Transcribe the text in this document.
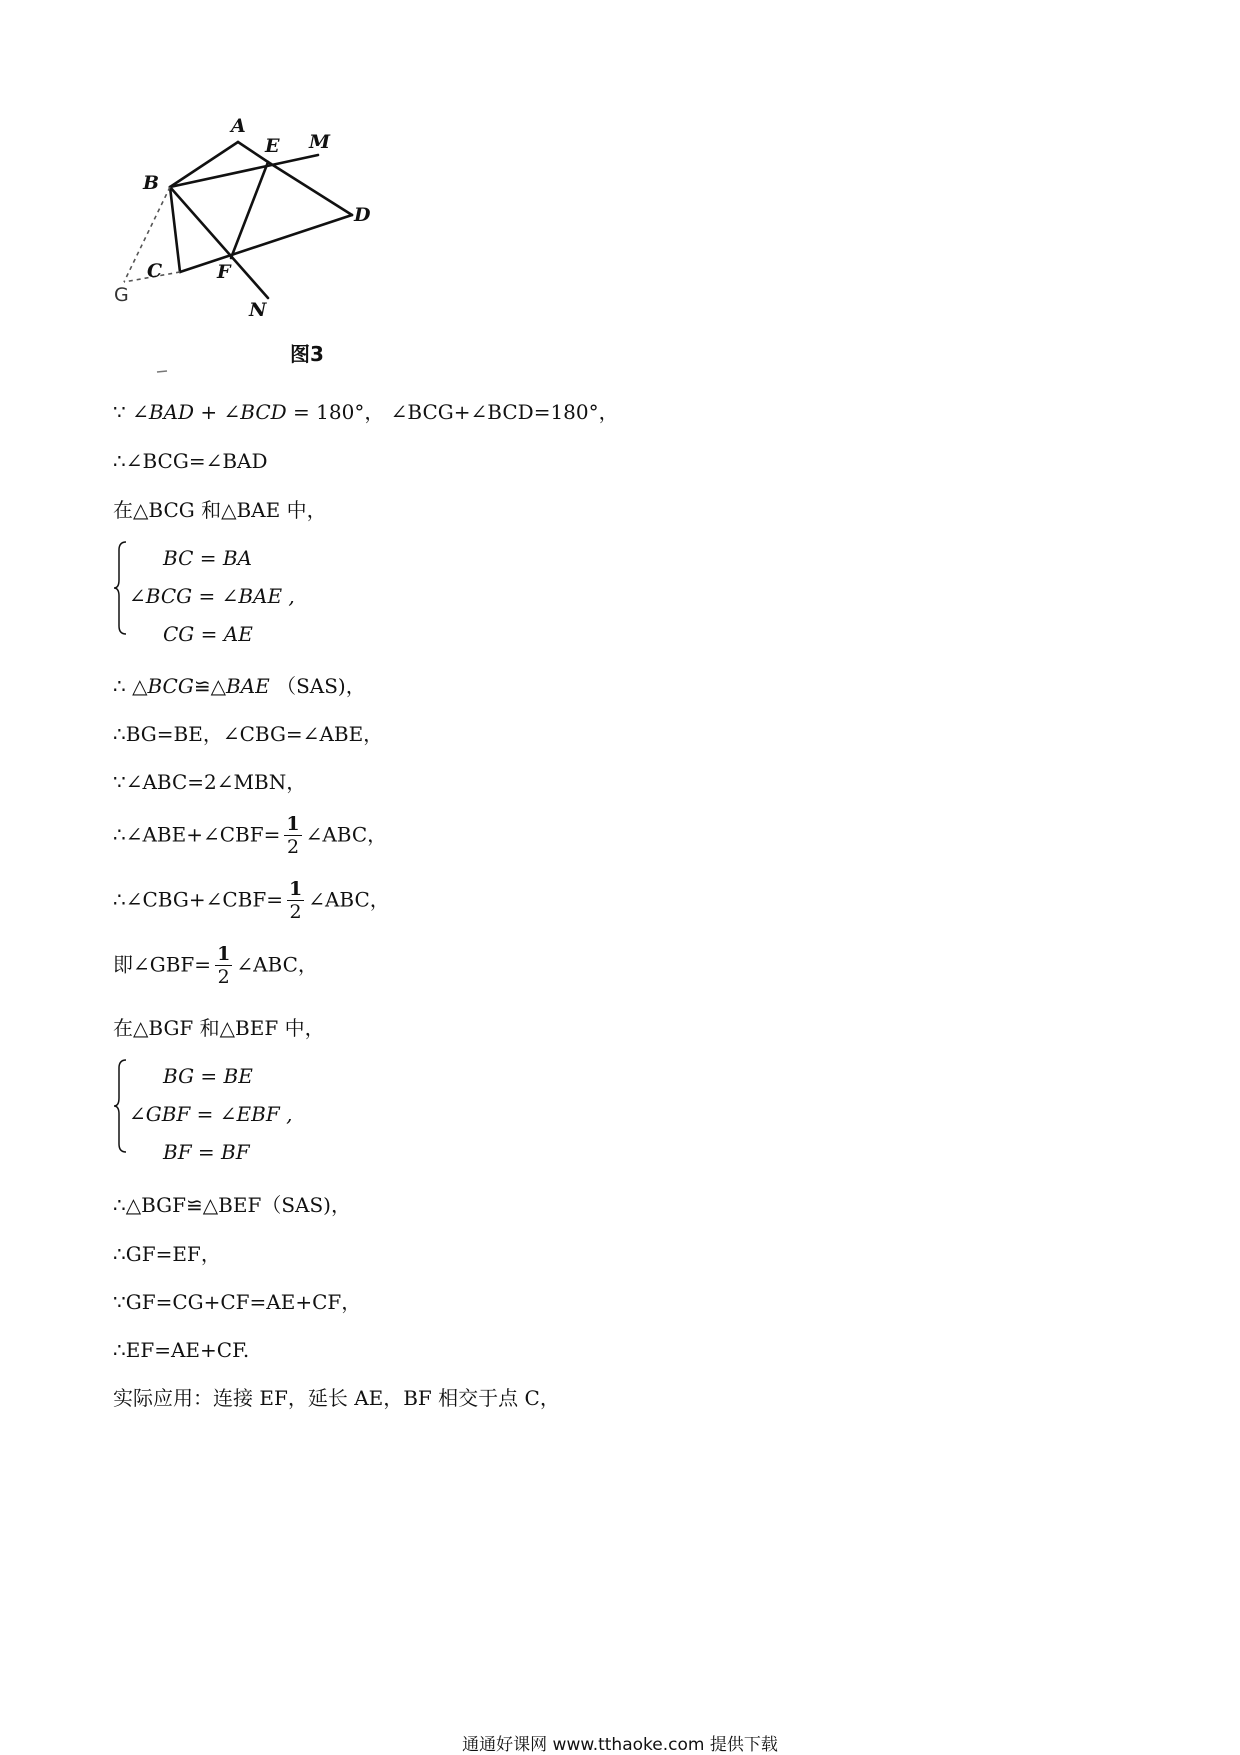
A
E M
B
D
C	F
N
G
图3
∵ ∠BAD + ∠BCD = 180°， ∠BCG+∠BCD=180°，
∴∠BCG=∠BAD
在△BCG 和△BAE 中，
BC = BA
∠BCG = ∠BAE ,
CG = AE
∴ △BCG≌△BAE （SAS)，
∴BG=BE，∠CBG=∠ABE，
∵∠ABC=2∠MBN，
∴∠ABE+∠CBF= $\frac{1}{2}$ ∠ABC，
∴∠CBG+∠CBF= $\frac{1}{2}$ ∠ABC，
即∠GBF= $\frac{1}{2}$ ∠ABC，
在△BGF 和△BEF 中，
BG = BE
∠GBF = ∠EBF ,
BF = BF
∴△BGF≌△BEF（SAS)，
∴GF=EF，
∵GF=CG+CF=AE+CF，
∴EF=AE+CF.
实际应用：连接 EF，延长 AE，BF 相交于点 C，
通通好课网 www.tthaoke.com 提供下载
